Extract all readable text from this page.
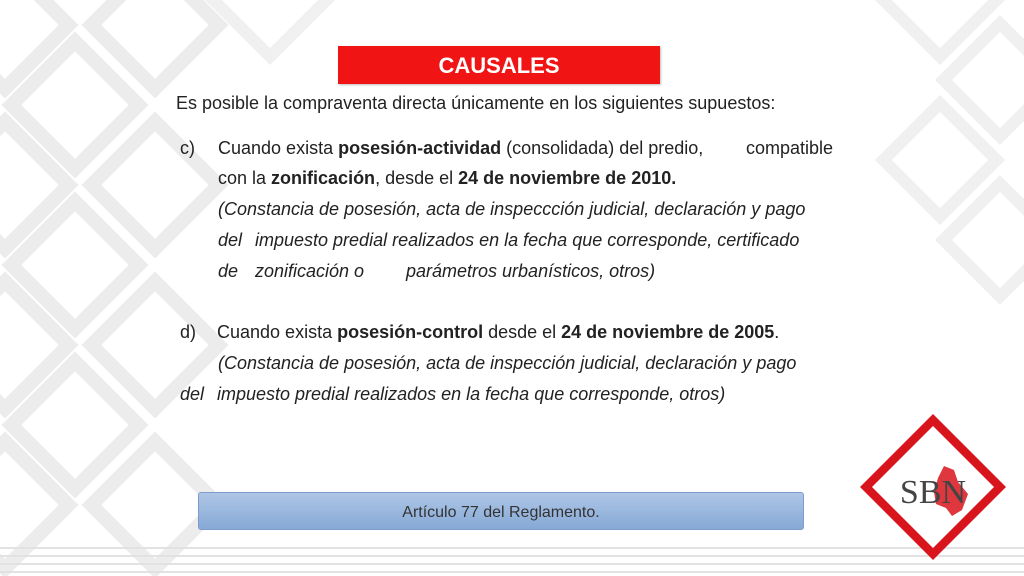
CAUSALES
Es posible la compraventa directa únicamente en los siguientes supuestos:
c) Cuando exista posesión-actividad (consolidada) del predio, compatible
con la zonificación, desde el 24 de noviembre de 2010.
(Constancia de posesión, acta de inspeccción judicial, declaración y pago
del impuesto predial realizados en la fecha que corresponde, certificado
de zonificación o parámetros urbanísticos, otros)
d) Cuando exista posesión-control desde el 24 de noviembre de 2005.
(Constancia de posesión, acta de inspección judicial, declaración y pago
del impuesto predial realizados en la fecha que corresponde, otros)
Artículo 77 del Reglamento.
SBN
